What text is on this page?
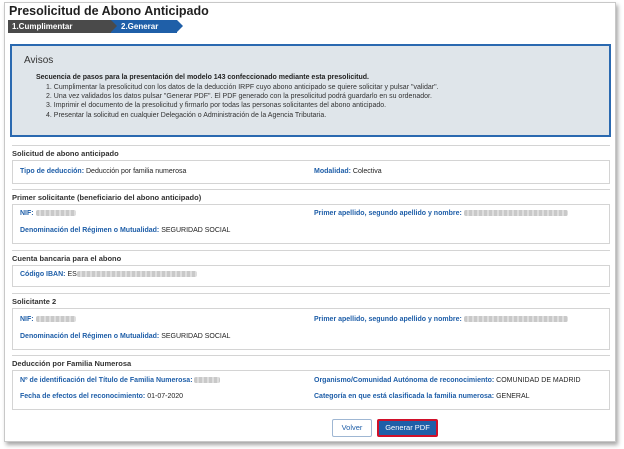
Presolicitud de Abono Anticipado
1.Cumplimentar Solicitud
2.Generar PDF
Avisos
Secuencia de pasos para la presentación del modelo 143 confeccionado mediante esta presolicitud.
1. Cumplimentar la presolicitud con los datos de la deducción IRPF cuyo abono anticipado se quiere solicitar y pulsar "validar".
2. Una vez validados los datos pulsar "Generar PDF". El PDF generado con la presolicitud podrá guardarlo en su ordenador.
3. Imprimir el documento de la presolicitud y firmarlo por todas las personas solicitantes del abono anticipado.
4. Presentar la solicitud en cualquier Delegación o Administración de la Agencia Tributaria.
Solicitud de abono anticipado
Tipo de deducción: Deducción por familia numerosa	Modalidad: Colectiva
Primer solicitante (beneficiario del abono anticipado)
NIF:	Primer apellido, segundo apellido y nombre:
Denominación del Régimen o Mutualidad: SEGURIDAD SOCIAL
Cuenta bancaria para el abono
Código IBAN: ES
Solicitante 2
NIF:	Primer apellido, segundo apellido y nombre:
Denominación del Régimen o Mutualidad: SEGURIDAD SOCIAL
Deducción por Familia Numerosa
Nº de identificación del Título de Familia Numerosa:	Organismo/Comunidad Autónoma de reconocimiento: COMUNIDAD DE MADRID
Fecha de efectos del reconocimiento: 01-07-2020	Categoría en que está clasificada la familia numerosa: GENERAL
Volver	Generar PDF
